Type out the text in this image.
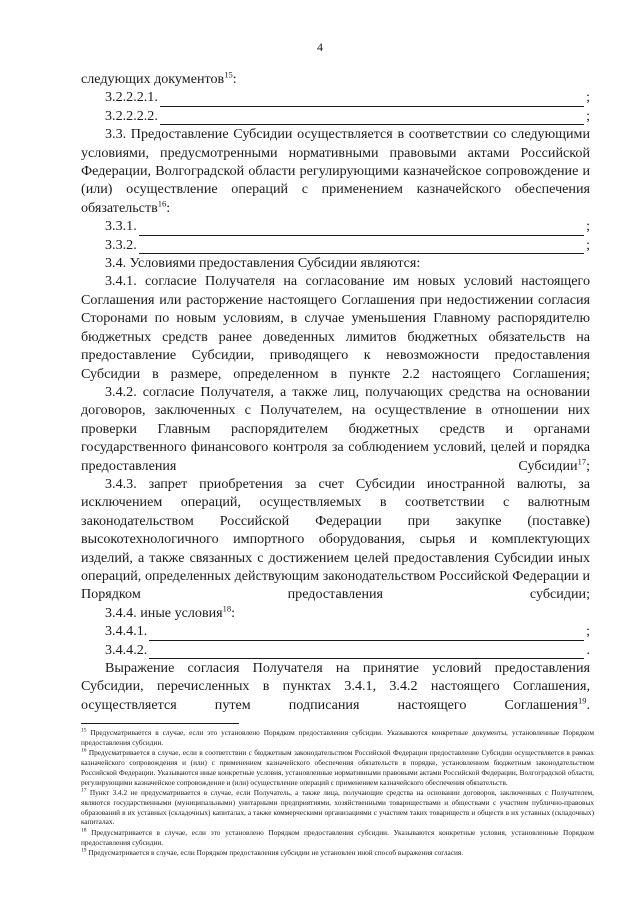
4

следующих документов$^{15}$:

3.2.2.2.1.	;
3.2.2.2.2.	;

3.3. Предоставление Субсидии осуществляется в соответствии со следующими условиями, предусмотренными нормативными правовыми актами Российской Федерации, Волгоградской области регулирующими казначейское сопровождение и (или) осуществление операций с применением казначейского обеспечения обязательств$^{16}$:

3.3.1.	;
3.3.2.	;

3.4. Условиями предоставления Субсидии являются:

3.4.1. согласие Получателя на согласование им новых условий настоящего Соглашения или расторжение настоящего Соглашения при недостижении согласия Сторонами по новым условиям, в случае уменьшения Главному распорядителю бюджетных средств ранее доведенных лимитов бюджетных обязательств на предоставление Субсидии, приводящего к невозможности предоставления Субсидии в размере, определенном в пункте 2.2 настоящего Соглашения;

3.4.2. согласие Получателя, а также лиц, получающих средства на основании договоров, заключенных с Получателем, на осуществление в отношении них проверки Главным распорядителем бюджетных средств и органами государственного финансового контроля за соблюдением условий, целей и порядка предоставления Субсидии$^{17}$;

3.4.3. запрет приобретения за счет Субсидии иностранной валюты, за исключением операций, осуществляемых в соответствии с валютным законодательством Российской Федерации при закупке (поставке) высокотехнологичного импортного оборудования, сырья и комплектующих изделий, а также связанных с достижением целей предоставления Субсидии иных операций, определенных действующим законодательством Российской Федерации и Порядком предоставления субсидии;

3.4.4. иные условия$^{18}$:

3.4.4.1.	;
3.4.4.2.	.

Выражение согласия Получателя на принятие условий предоставления Субсидии, перечисленных в пунктах 3.4.1, 3.4.2 настоящего Соглашения, осуществляется путем подписания настоящего Соглашения$^{19}$.

$^{15}$ Предусматривается в случае, если это установлено Порядком предоставления субсидии. Указываются конкретные документы, установленные Порядком предоставления субсидии.

$^{16}$ Предусматривается в случае, если в соответствии с бюджетным законодательством Российской Федерации предоставление Субсидии осуществляется в рамках казначейского сопровождения и (или) с применением казначейского обеспечения обязательств в порядке, установленном бюджетным законодательством Российской Федерации. Указываются иные конкретные условия, установленные нормативными правовыми актами Российской Федерации, Волгоградской области, регулирующими казначейское сопровождение и (или) осуществление операций с применением казначейского обеспечения обязательств.

$^{17}$ Пункт 3.4.2 не предусматривается в случае, если Получатель, а также лица, получающие средства на основании договоров, заключенных с Получателем, являются государственными (муниципальными) унитарными предприятиями, хозяйственными товариществами и обществами с участием публично-правовых образований в их уставных (складочных) капиталах, а также коммерческими организациями с участием таких товариществ и обществ в их уставных (складочных) капиталах.

$^{18}$ Предусматривается в случае, если это установлено Порядком предоставления субсидии. Указываются конкретные условия, установленные Порядком предоставления субсидии.

$^{19}$ Предусматривается в случае, если Порядком предоставления субсидии не установлен иной способ выражения согласия.
